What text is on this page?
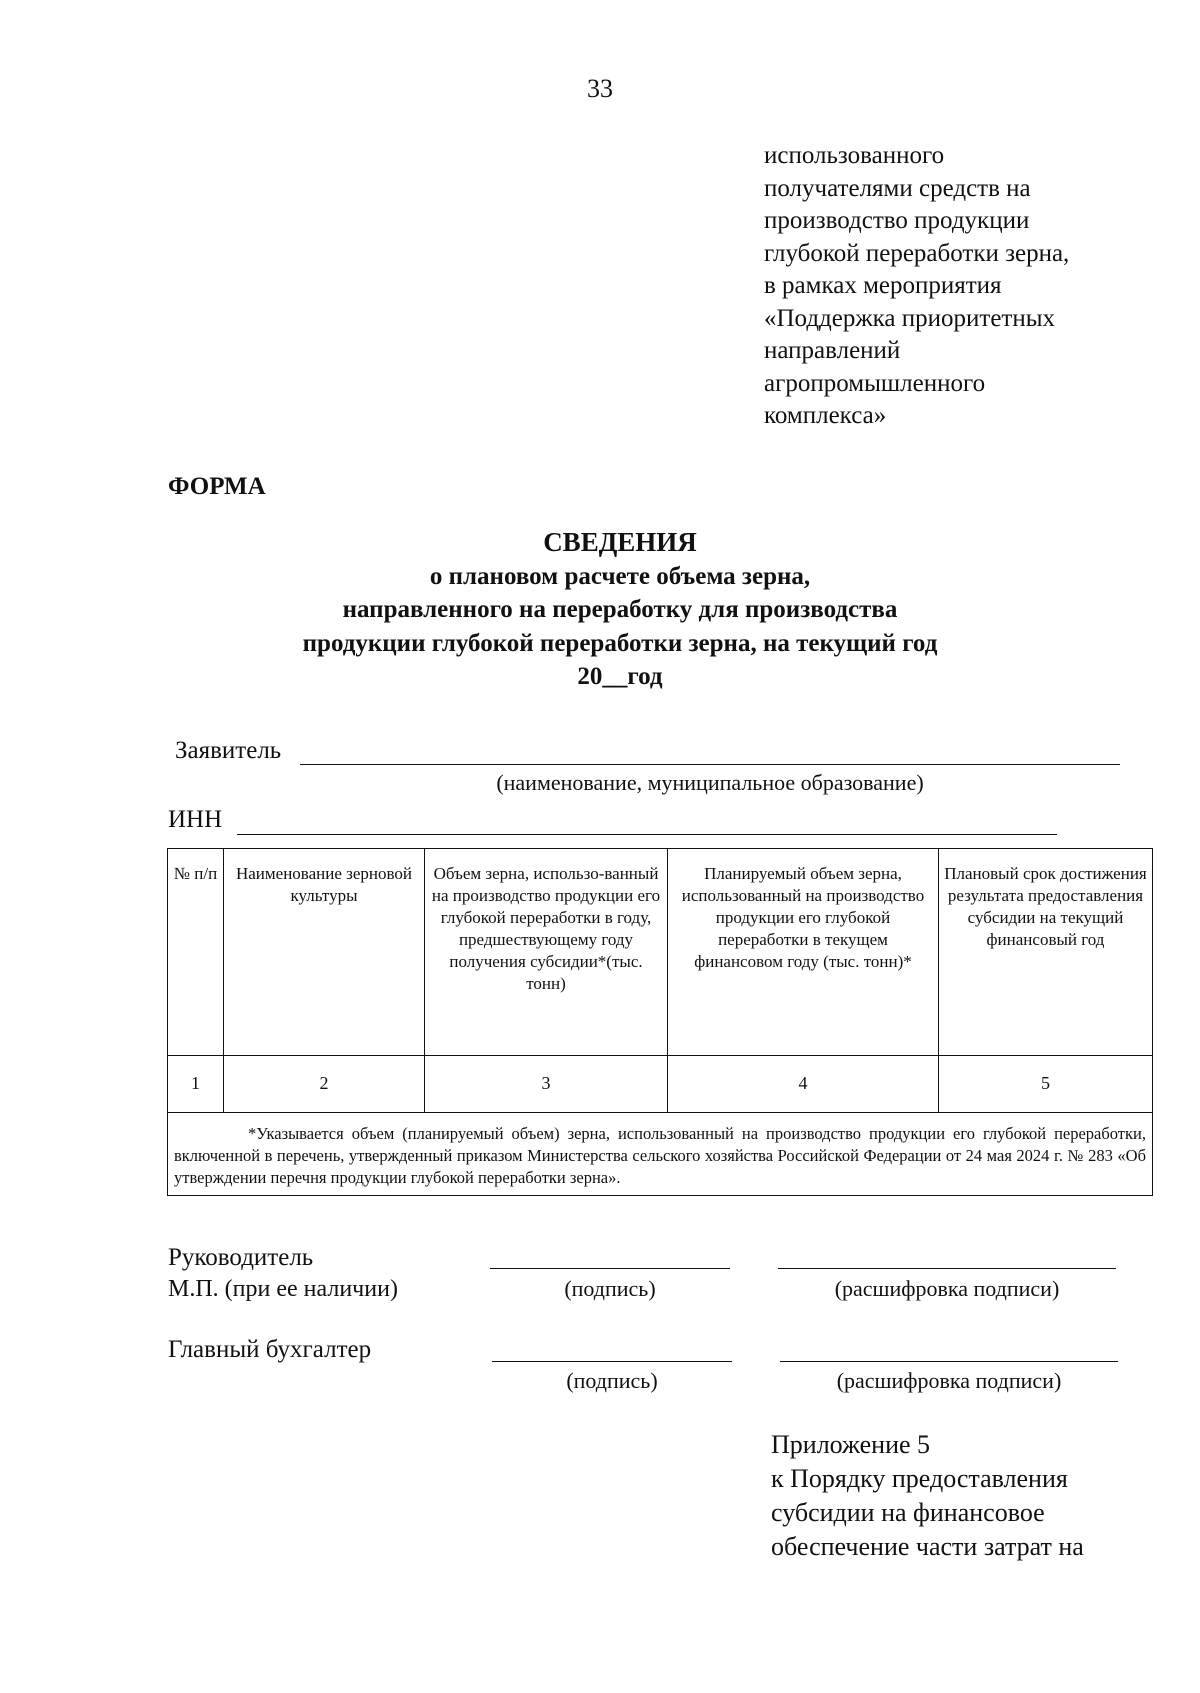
33
использованного
получателями средств на
производство продукции
глубокой переработки зерна,
в рамках мероприятия
«Поддержка приоритетных
направлений
агропромышленного
комплекса»
ФОРМА
СВЕДЕНИЯ
о плановом расчете объема зерна,
направленного на переработку для производства
продукции глубокой переработки зерна, на текущий год
20__год
Заявитель
(наименование, муниципальное образование)
ИНН
№ п/п	Наименование зерновой культуры	Объем зерна, использо-ванный на производство продукции его глубокой переработки в году, предшествующему году получения субсидии*(тыс. тонн)	Планируемый объем зерна, использованный на производство продукции его глубокой переработки в текущем финансовом году (тыс. тонн)*	Плановый срок достижения результата предоставления субсидии на текущий финансовый год
1	2	3	4	5

*Указывается объем (планируемый объем) зерна, использованный на производство продукции его глубокой переработки, включенной в перечень, утвержденный приказом Министерства сельского хозяйства Российской Федерации от 24 мая 2024 г. № 283 «Об утверждении перечня продукции глубокой переработки зерна».				
Руководитель
М.П. (при ее наличии)	(подпись)	(расшифровка подписи)
Главный бухгалтер
(подпись)	(расшифровка подписи)
Приложение 5
к Порядку предоставления
субсидии на финансовое
обеспечение части затрат на
